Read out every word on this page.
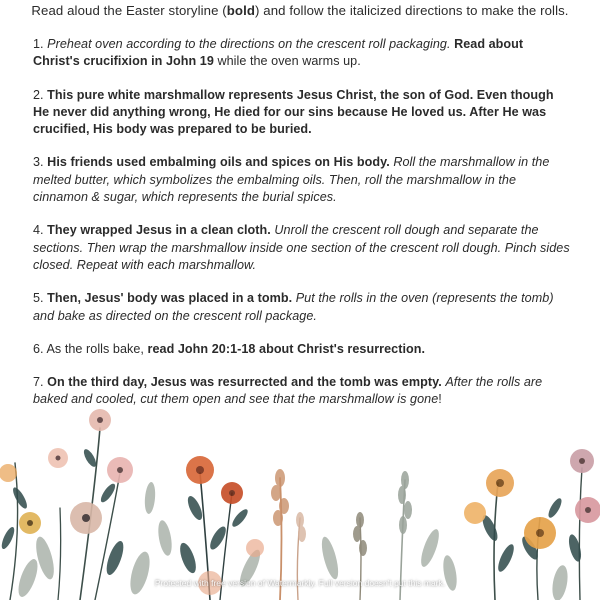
Read aloud the Easter storyline (bold) and follow the italicized directions to make the rolls.

1. Preheat oven according to the directions on the crescent roll packaging. Read about Christ's crucifixion in John 19 while the oven warms up.

2. This pure white marshmallow represents Jesus Christ, the son of God. Even though He never did anything wrong, He died for our sins because He loved us. After He was crucified, His body was prepared to be buried.

3. His friends used embalming oils and spices on His body. Roll the marshmallow in the melted butter, which symbolizes the embalming oils. Then, roll the marshmallow in the cinnamon & sugar, which represents the burial spices.

4. They wrapped Jesus in a clean cloth. Unroll the crescent roll dough and separate the sections. Then wrap the marshmallow inside one section of the crescent roll dough. Pinch sides closed. Repeat with each marshmallow.

5. Then, Jesus' body was placed in a tomb. Put the rolls in the oven (represents the tomb) and bake as directed on the crescent roll package.

6. As the rolls bake, read John 20:1-18 about Christ's resurrection.

7. On the third day, Jesus was resurrected and the tomb was empty. After the rolls are baked and cooled, cut them open and see that the marshmallow is gone!

Protected with free version of Watermarkly. Full version doesn't put this mark.
